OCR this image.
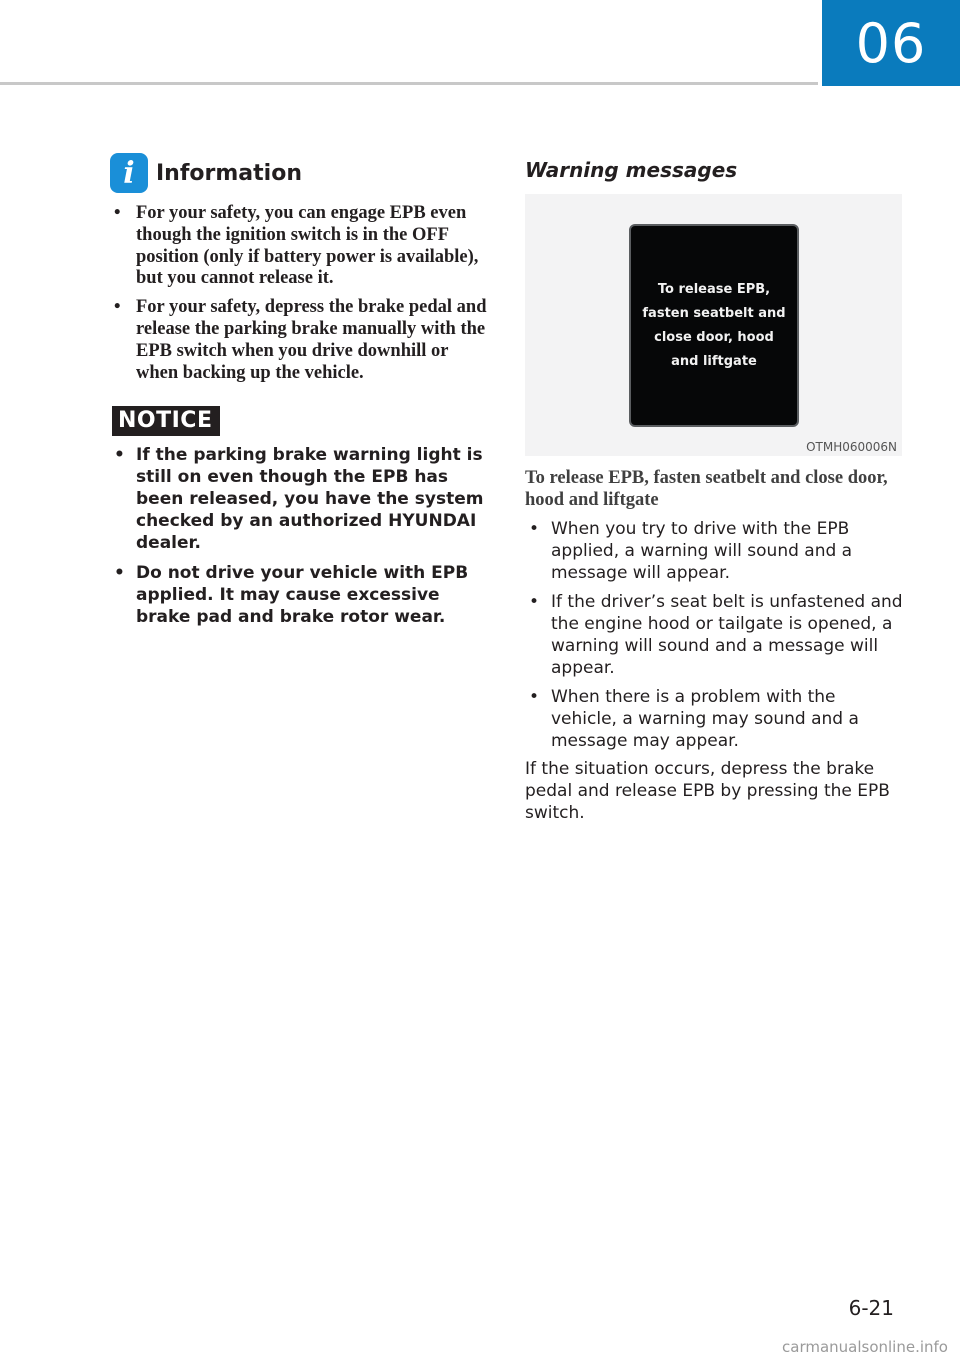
06
i Information
• For your safety, you can engage EPB even though the ignition switch is in the OFF position (only if battery power is available), but you cannot release it.
• For your safety, depress the brake pedal and release the parking brake manually with the EPB switch when you drive downhill or when backing up the vehicle.
NOTICE
• If the parking brake warning light is still on even though the EPB has been released, you have the system checked by an authorized HYUNDAI dealer.
• Do not drive your vehicle with EPB applied. It may cause excessive brake pad and brake rotor wear.
Warning messages
To release EPB,
fasten seatbelt and
close door, hood
and liftgate
OTMH060006N
To release EPB, fasten seatbelt and close door, hood and liftgate
• When you try to drive with the EPB applied, a warning will sound and a message will appear.
• If the driver’s seat belt is unfastened and the engine hood or tailgate is opened, a warning will sound and a message will appear.
• When there is a problem with the vehicle, a warning may sound and a message may appear.
If the situation occurs, depress the brake pedal and release EPB by pressing the EPB switch.
6-21
carmanualsonline.info
